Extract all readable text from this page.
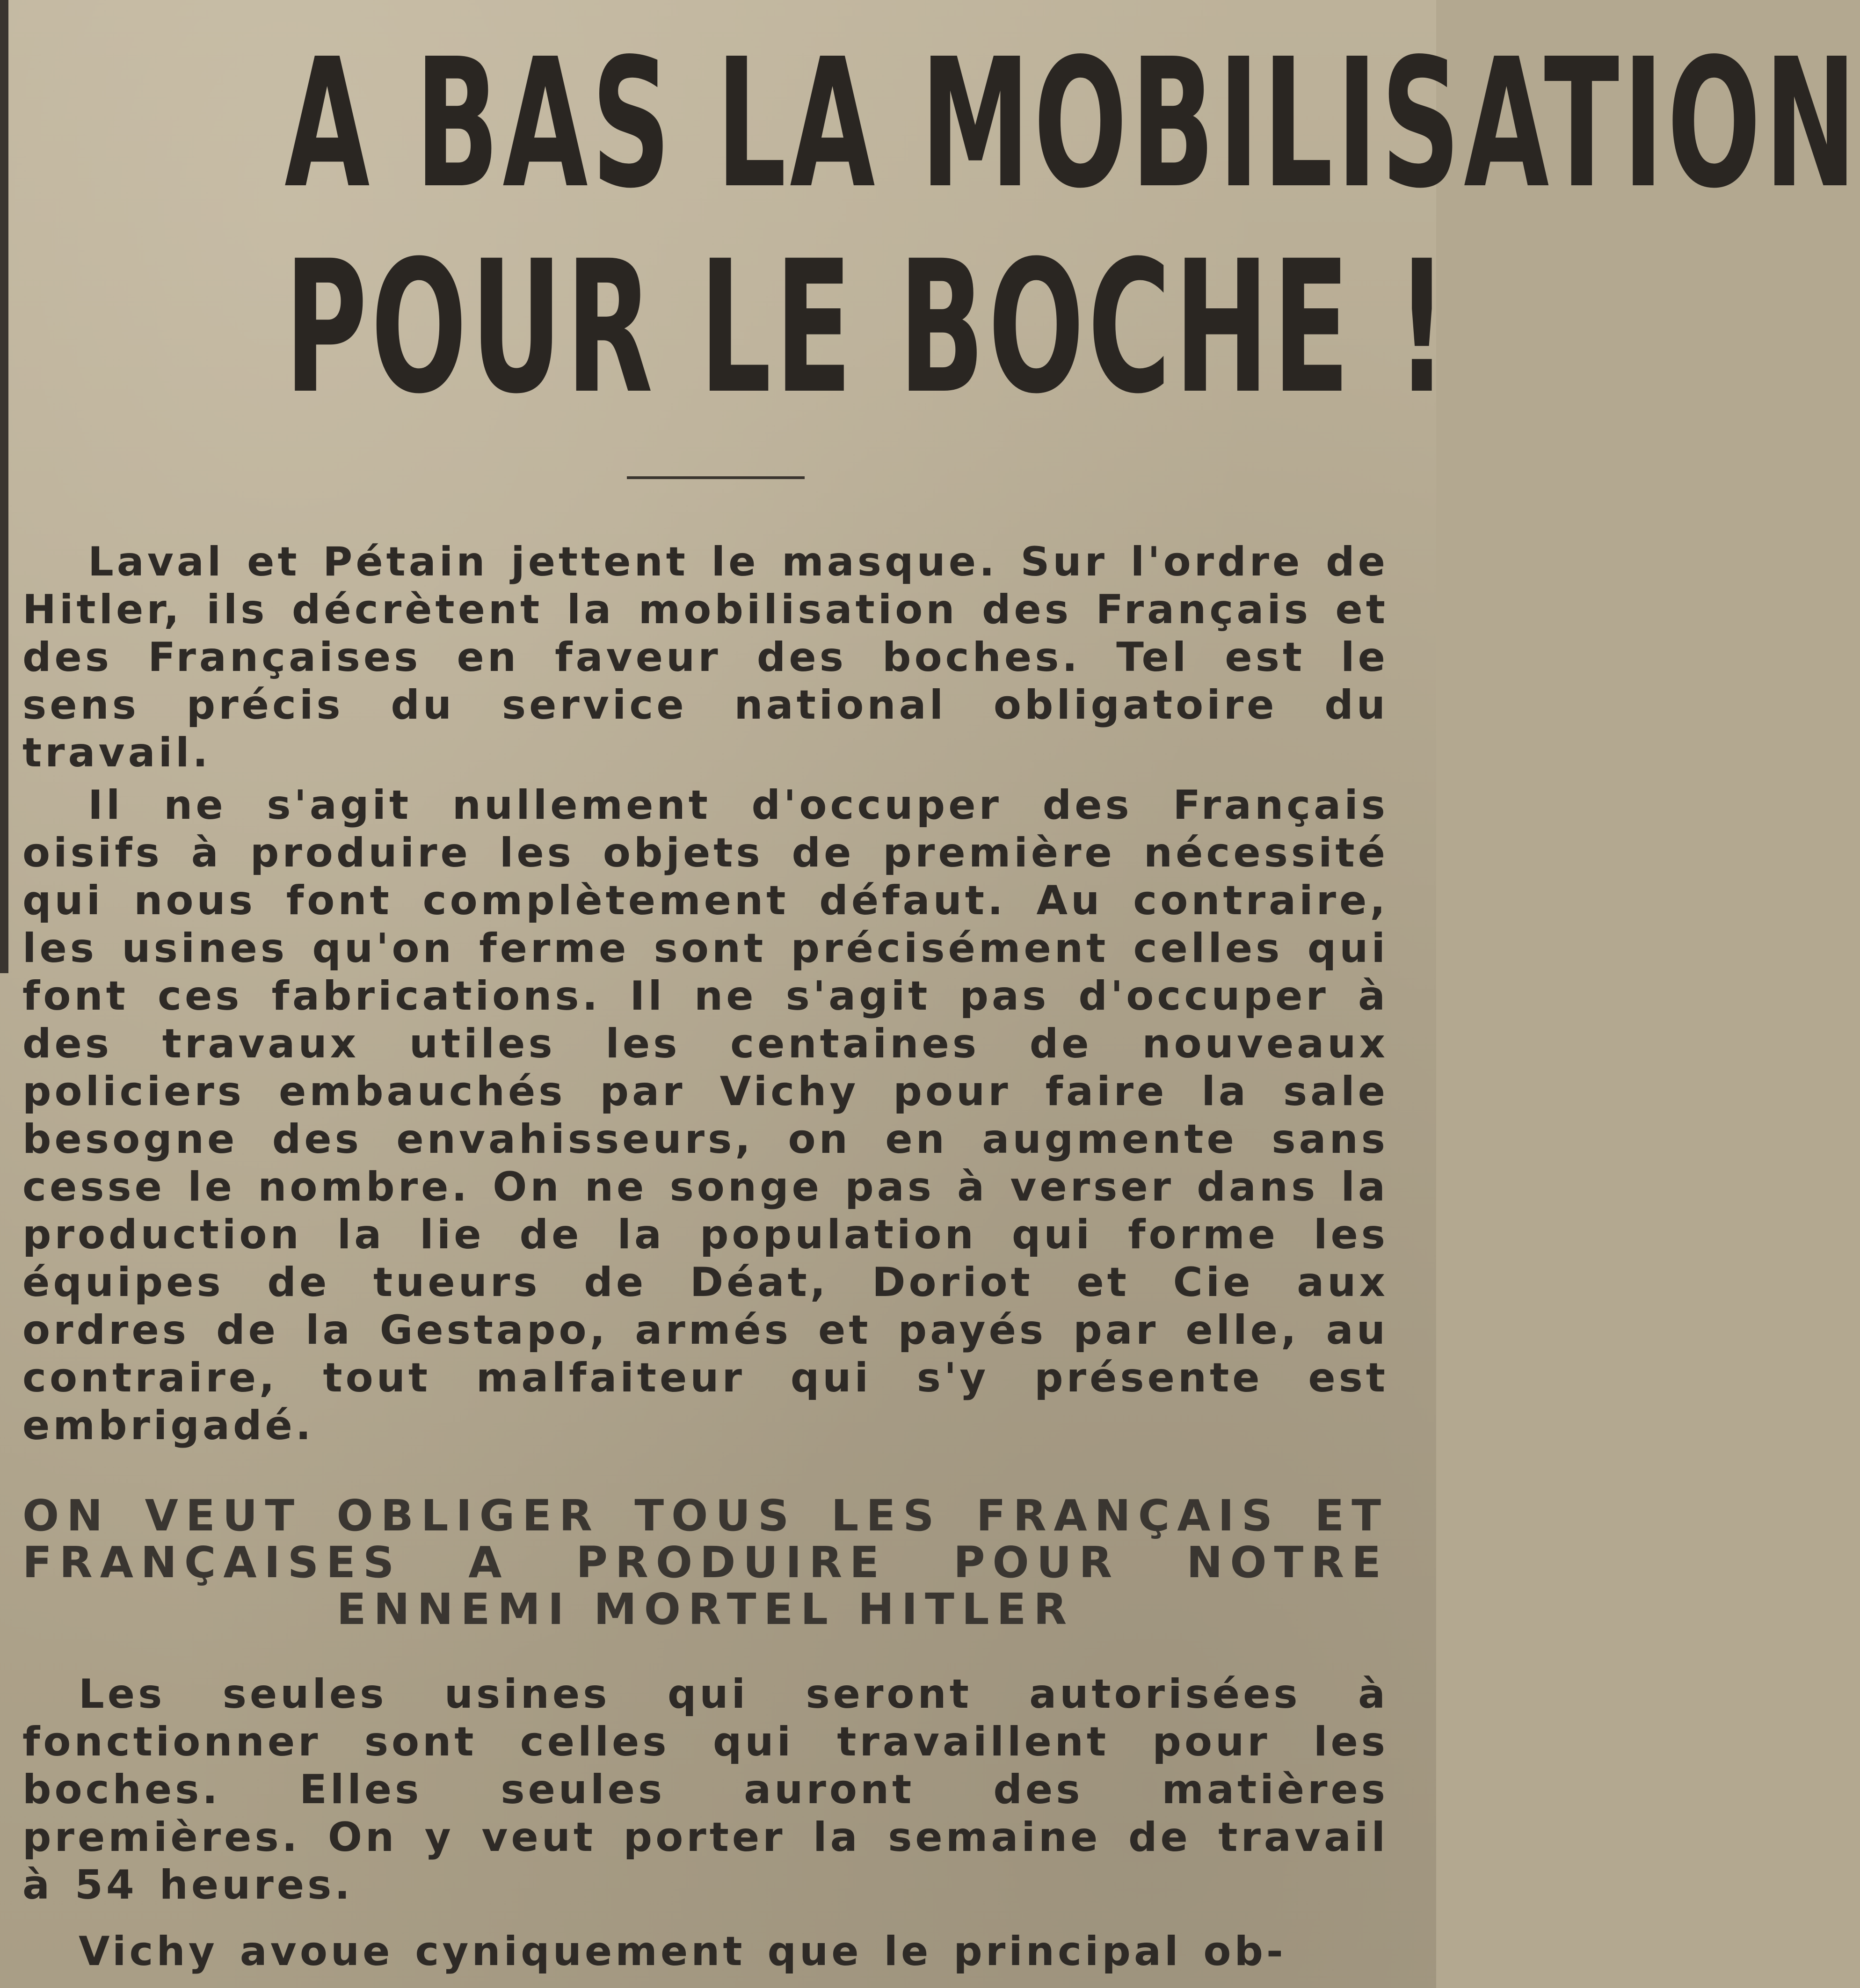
A BAS LA MOBILISATION
POUR LE BOCHE !
Laval et Pétain jettent le masque. Sur l'ordre de Hitler, ils décrètent la mobilisation des Français et des Françaises en faveur des boches. Tel est le sens précis du service national obligatoire du travail.
Il ne s'agit nullement d'occuper des Français oisifs à produire les objets de première nécessité qui nous font complètement défaut. Au contraire, les usines qu'on ferme sont précisément celles qui font ces fabrications. Il ne s'agit pas d'occuper à des travaux utiles les centaines de nouveaux policiers embauchés par Vichy pour faire la sale besogne des envahisseurs, on en augmente sans cesse le nombre. On ne songe pas à verser dans la production la lie de la population qui forme les équipes de tueurs de Déat, Doriot et Cie aux ordres de la Gestapo, armés et payés par elle, au contraire, tout malfaiteur qui s'y présente est embrigadé.
ON VEUT OBLIGER TOUS LES FRANÇAIS ET FRANÇAISES A PRODUIRE POUR NOTRE ENNEMI MORTEL HITLER
Les seules usines qui seront autorisées à fonctionner sont celles qui travaillent pour les boches. Elles seules auront des matières premières. On y veut porter la semaine de travail à 54 heures.
Vichy avoue cyniquement que le principal ob-
